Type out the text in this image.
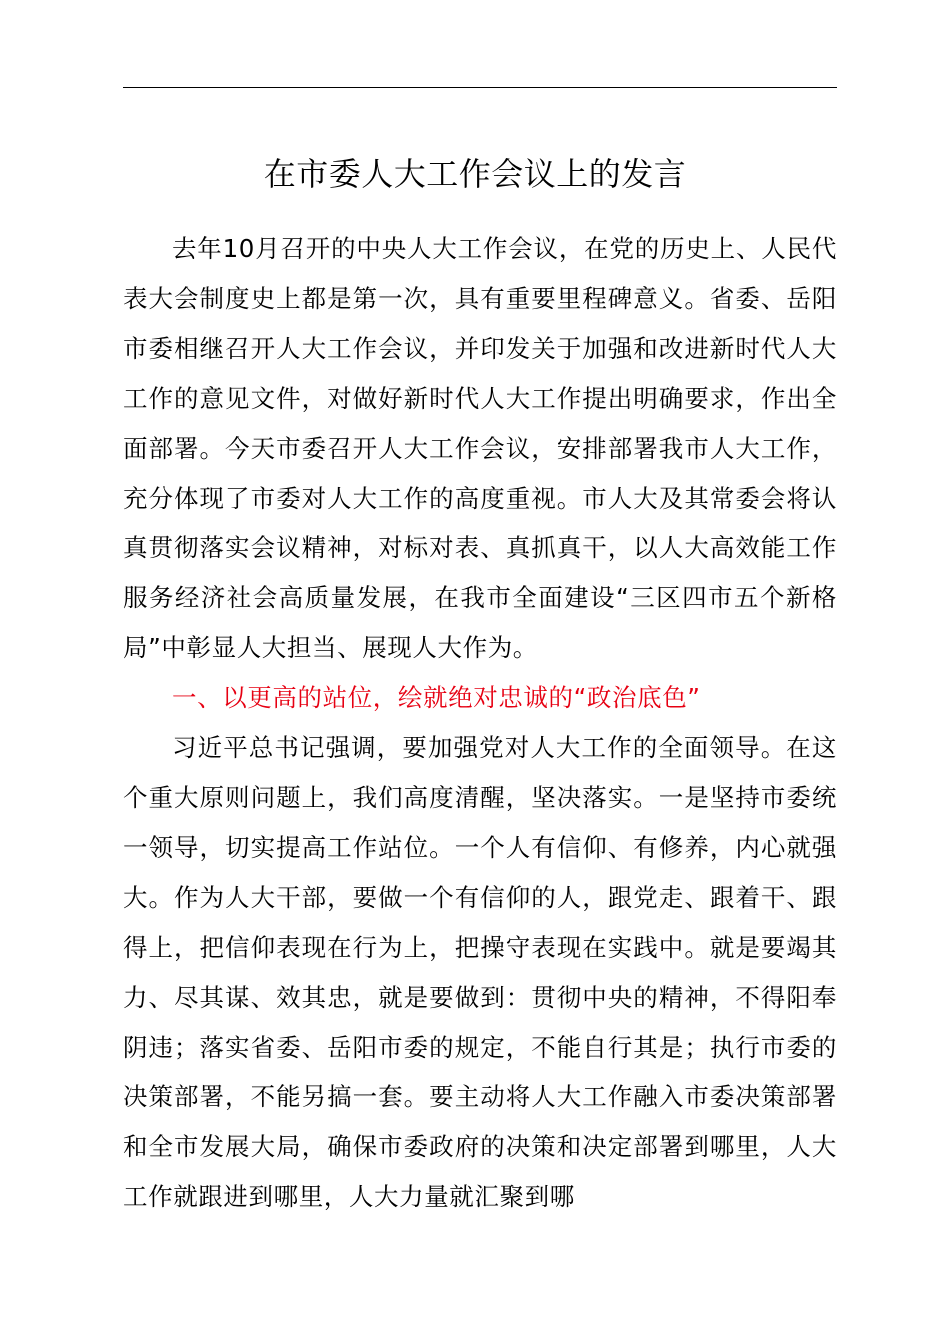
在市委人大工作会议上的发言

去年10月召开的中央人大工作会议，在党的历史上、人民代表大会制度史上都是第一次，具有重要里程碑意义。省委、岳阳市委相继召开人大工作会议，并印发关于加强和改进新时代人大工作的意见文件，对做好新时代人大工作提出明确要求，作出全面部署。今天市委召开人大工作会议，安排部署我市人大工作，充分体现了市委对人大工作的高度重视。市人大及其常委会将认真贯彻落实会议精神，对标对表、真抓真干，以人大高效能工作服务经济社会高质量发展，在我市全面建设“三区四市五个新格局”中彰显人大担当、展现人大作为。

一、以更高的站位，绘就绝对忠诚的“政治底色”

习近平总书记强调，要加强党对人大工作的全面领导。在这个重大原则问题上，我们高度清醒，坚决落实。一是坚持市委统一领导，切实提高工作站位。一个人有信仰、有修养，内心就强大。作为人大干部，要做一个有信仰的人，跟党走、跟着干、跟得上，把信仰表现在行为上，把操守表现在实践中。就是要竭其力、尽其谋、效其忠，就是要做到：贯彻中央的精神，不得阳奉阴违；落实省委、岳阳市委的规定，不能自行其是；执行市委的决策部署，不能另搞一套。要主动将人大工作融入市委决策部署和全市发展大局，确保市委政府的决策和决定部署到哪里，人大工作就跟进到哪里，人大力量就汇聚到哪
